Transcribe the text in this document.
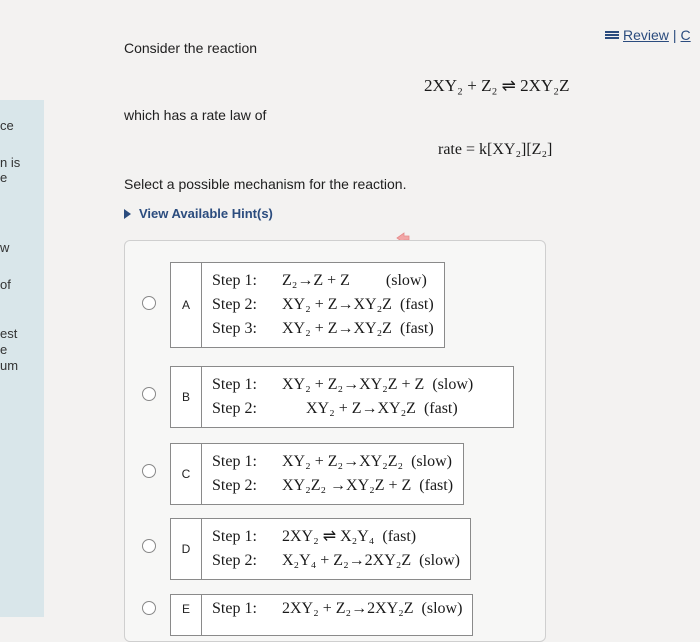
ce
n is
e
w
of
est
e
um
Review | C
Consider the reaction
2XY₂ + Z₂ ⇌ 2XY₂Z
which has a rate law of
rate = k[XY₂][Z₂]
Select a possible mechanism for the reaction.
View Available Hint(s)
A
Step 1:	Z₂→Z + Z         (slow)
Step 2:	XY₂ + Z→XY₂Z  (fast)
Step 3:	XY₂ + Z→XY₂Z  (fast)
B
Step 1:	XY₂ + Z₂→XY₂Z + Z  (slow)
Step 2:	XY₂ + Z→XY₂Z  (fast)
C
Step 1:	XY₂ + Z₂→XY₂Z₂  (slow)
Step 2:	XY₂Z₂ →XY₂Z + Z  (fast)
D
Step 1:	2XY₂ ⇌ X₂Y₄  (fast)
Step 2:	X₂Y₄ + Z₂→2XY₂Z  (slow)
E	Step 1:	2XY₂ + Z₂→2XY₂Z  (slow)
